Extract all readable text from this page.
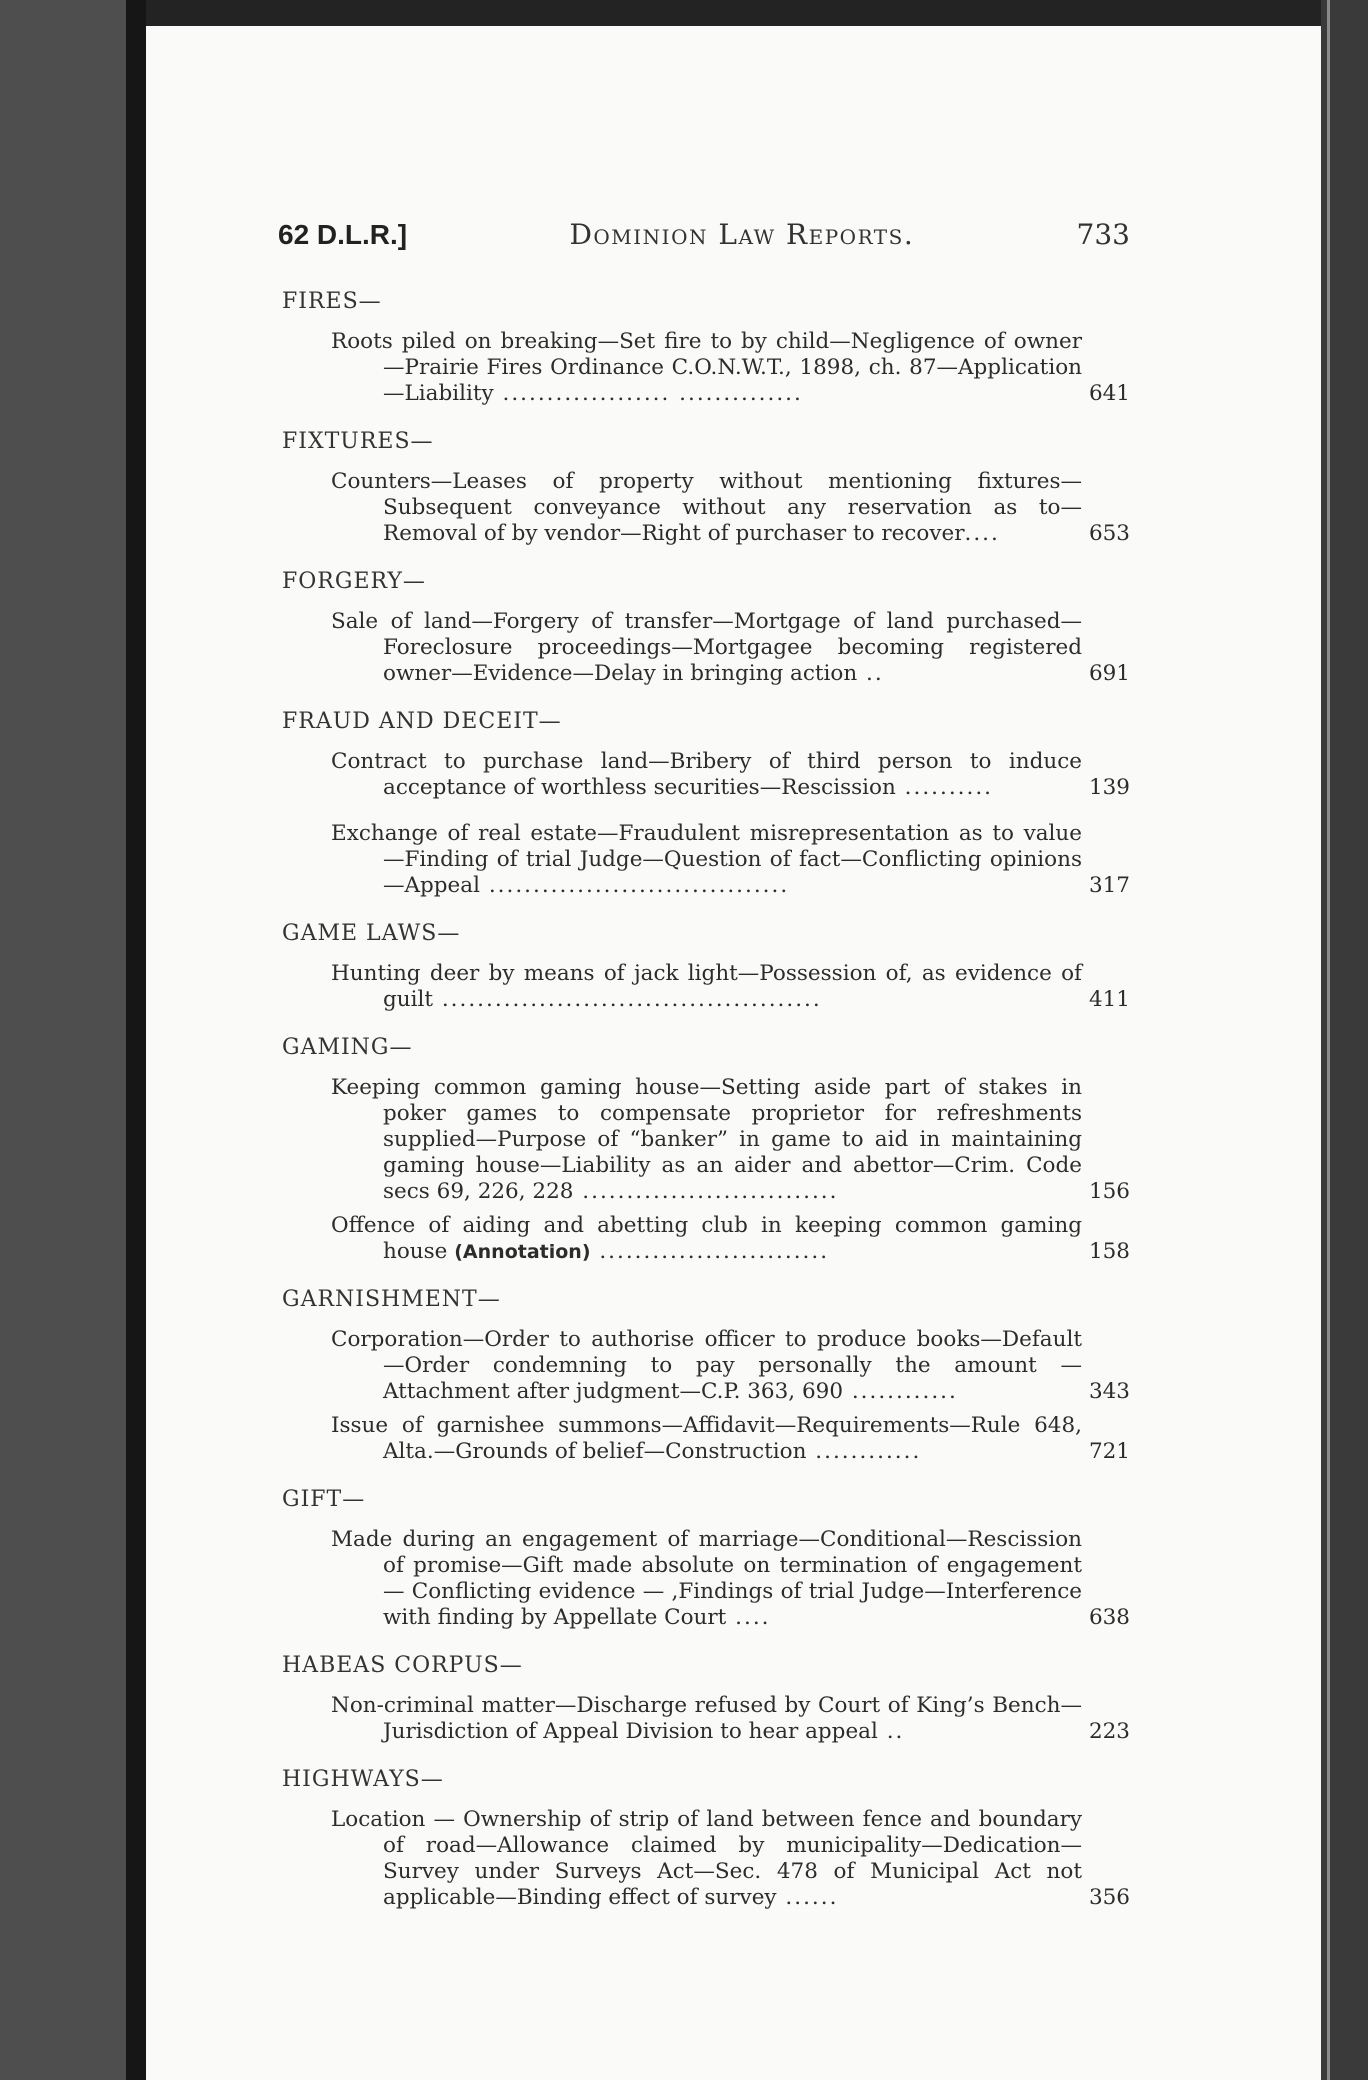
62 D.L.R.]	Dominion Law Reports.	733
FIRES—
Roots piled on breaking—Set fire to by child—Negligence of owner—Prairie Fires Ordinance C.O.N.W.T., 1898, ch. 87—Application—Liability ................... ..............	641
FIXTURES—
Counters—Leases of property without mentioning fixtures—Subsequent conveyance without any reservation as to—Removal of by vendor—Right of purchaser to recover....	653
FORGERY—
Sale of land—Forgery of transfer—Mortgage of land purchased—Foreclosure proceedings—Mortgagee becoming registered owner—Evidence—Delay in bringing action ..	691
FRAUD AND DECEIT—
Contract to purchase land—Bribery of third person to induce acceptance of worthless securities—Rescission ..........	139
Exchange of real estate—Fraudulent misrepresentation as to value—Finding of trial Judge—Question of fact—Conflicting opinions—Appeal ..................................	317
GAME LAWS—
Hunting deer by means of jack light—Possession of, as evidence of guilt ...........................................	411
GAMING—
Keeping common gaming house—Setting aside part of stakes in poker games to compensate proprietor for refreshments supplied—Purpose of “banker” in game to aid in maintaining gaming house—Liability as an aider and abettor—Crim. Code secs 69, 226, 228 .............................	156
Offence of aiding and abetting club in keeping common gaming house (Annotation) ..........................	158
GARNISHMENT—
Corporation—Order to authorise officer to produce books—Default—Order condemning to pay personally the amount —Attachment after judgment—C.P. 363, 690 ............	343
Issue of garnishee summons—Affidavit—Requirements—Rule 648, Alta.—Grounds of belief—Construction ............	721
GIFT—
Made during an engagement of marriage—Conditional—Rescission of promise—Gift made absolute on termination of engagement — Conflicting evidence — ,Findings of trial Judge—Interference with finding by Appellate Court ....	638
HABEAS CORPUS—
Non-criminal matter—Discharge refused by Court of King’s Bench—Jurisdiction of Appeal Division to hear appeal ..	223
HIGHWAYS—
Location — Ownership of strip of land between fence and boundary of road—Allowance claimed by municipality—Dedication—Survey under Surveys Act—Sec. 478 of Municipal Act not applicable—Binding effect of survey ......	356
